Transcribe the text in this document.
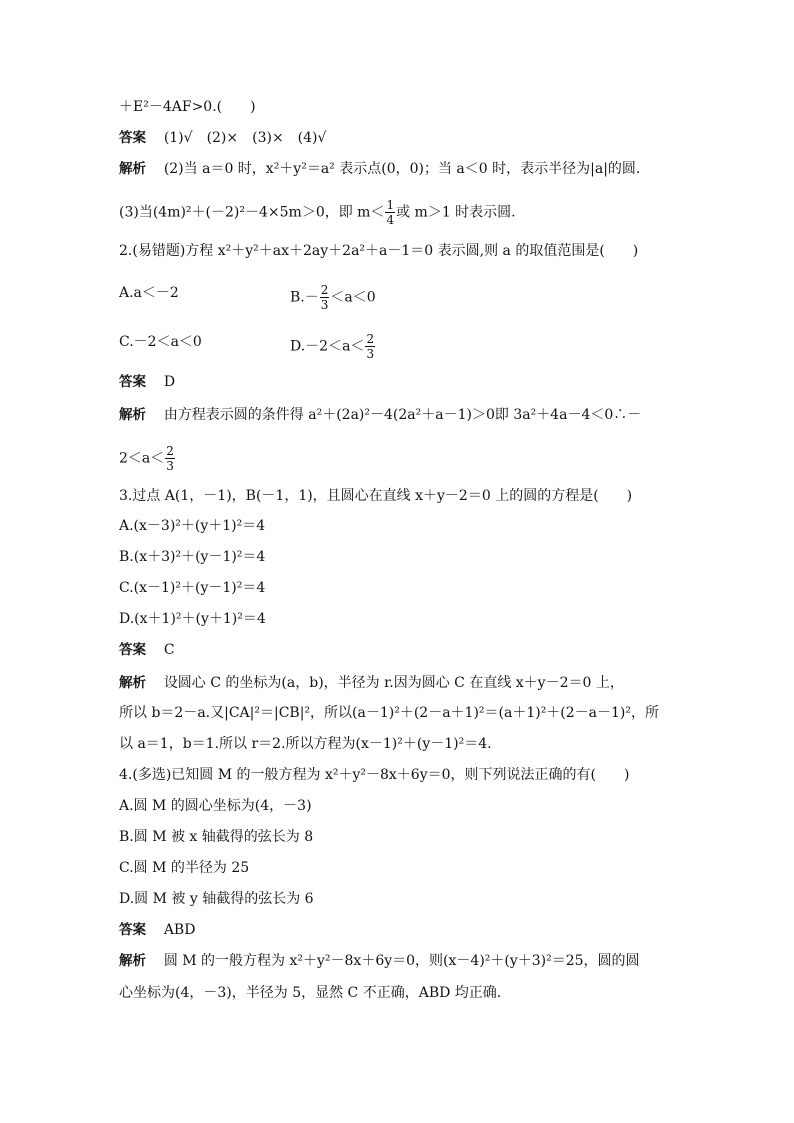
＋E²－4AF>0.(　　)
答案 (1)√　(2)×　(3)×　(4)√
解析 (2)当 a＝0 时，x²＋y²＝a² 表示点(0，0)；当 a＜0 时，表示半径为|a|的圆.
(3)当(4m)²＋(－2)²－4×5m＞0，即 $m< \frac{1}{4}$ 或 m＞1 时表示圆.
2.(易错题)方程 x²＋y²＋ax＋2ay＋2a²＋a－1＝0 表示圆,则 a 的取值范围是(　　)
A.a＜－2	$B.- \frac{2}{3} <a<0$
C.－2＜a＜0	$D.-2<a< \frac{2}{3}$
答案 D
解析 由方程表示圆的条件得 a²＋(2a)²－4(2a²＋a－1)＞0即 3a²＋4a－4＜0∴－
$2<a< \frac{2}{3}$
3.过点 A(1，－1)，B(－1，1)，且圆心在直线 x＋y－2＝0 上的圆的方程是(　　)
A.(x－3)²＋(y＋1)²＝4
B.(x＋3)²＋(y－1)²＝4
C.(x－1)²＋(y－1)²＝4
D.(x＋1)²＋(y＋1)²＝4
答案 C
解析 设圆心 C 的坐标为(a，b)，半径为 r.因为圆心 C 在直线 x＋y－2＝0 上，
所以 b＝2－a.又|CA|²＝|CB|²，所以(a－1)²＋(2－a＋1)²＝(a＋1)²＋(2－a－1)²，所
以 a＝1，b＝1.所以 r＝2.所以方程为(x－1)²＋(y－1)²＝4.
4.(多选)已知圆 M 的一般方程为 x²＋y²－8x＋6y＝0，则下列说法正确的有(　　)
A.圆 M 的圆心坐标为(4，－3)
B.圆 M 被 x 轴截得的弦长为 8
C.圆 M 的半径为 25
D.圆 M 被 y 轴截得的弦长为 6
答案 ABD
解析 圆 M 的一般方程为 x²＋y²－8x＋6y＝0，则(x－4)²＋(y＋3)²＝25，圆的圆
心坐标为(4，－3)，半径为 5，显然 C 不正确，ABD 均正确.
